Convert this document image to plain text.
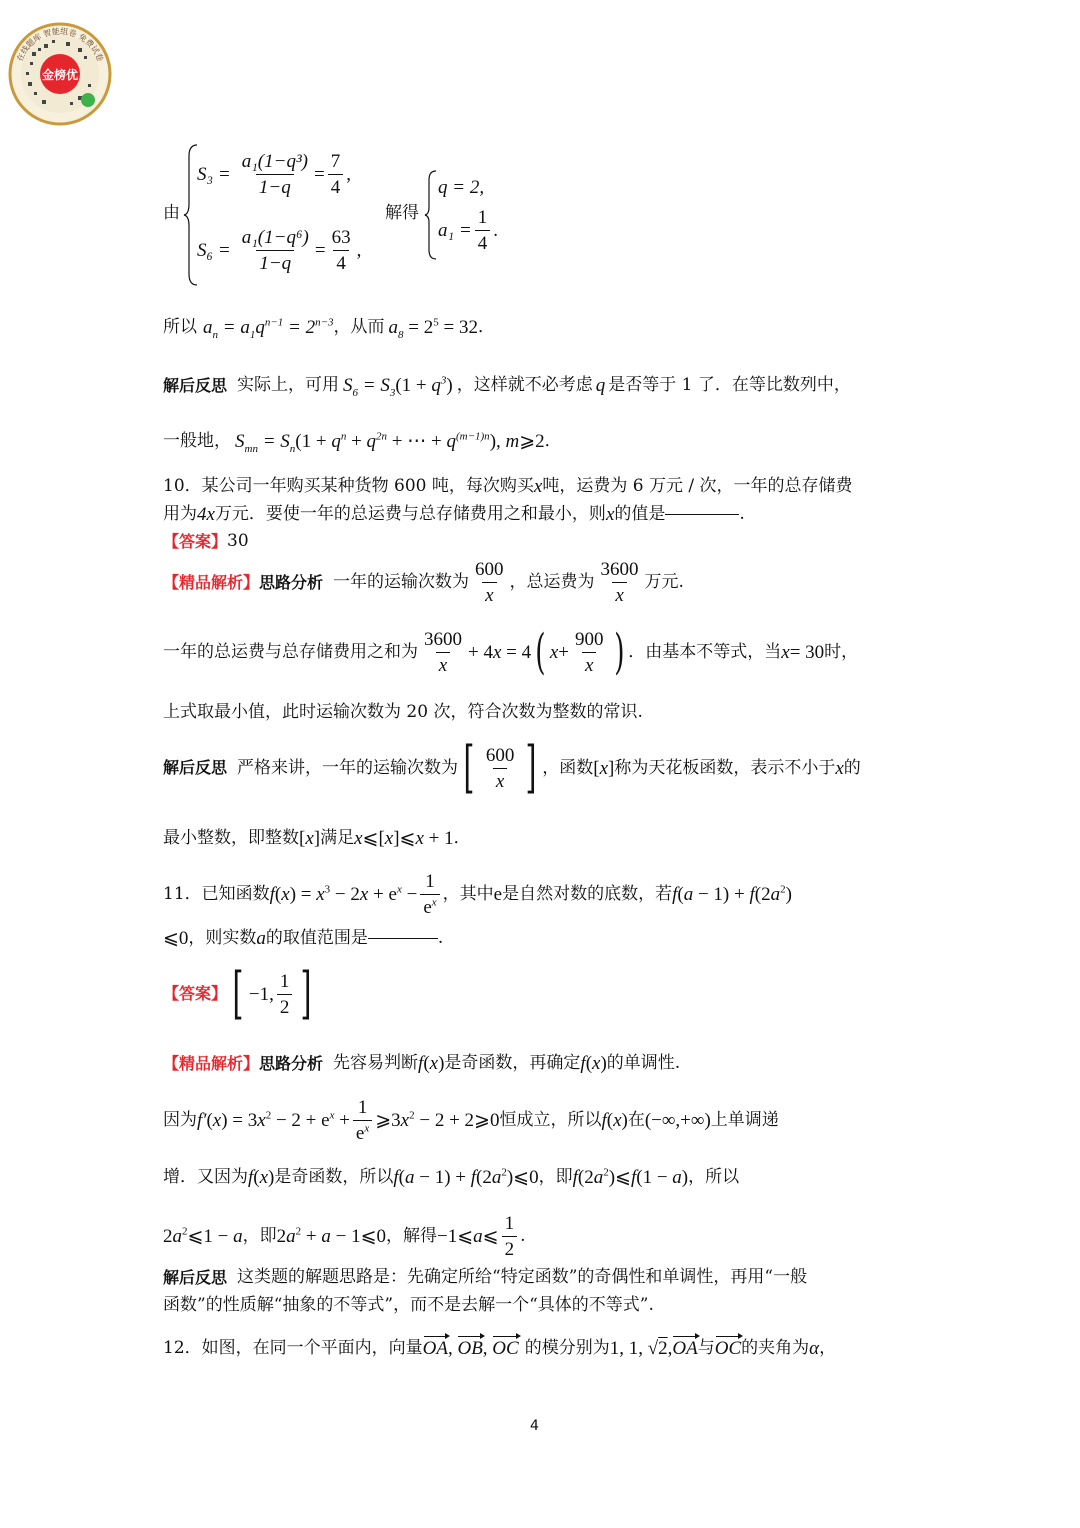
金榜优
在线题库 智能组卷 免费试卷
由
$S_3 = \frac{\text{a₁(1−q³)}}{1-q} = \frac{7}{4}$ ,
$S_6 = \frac{\text{a₁(1−q⁶)}}{1-q} = \frac{63}{4}$ ,
解得
q = 2,
$a_1 = \frac{1}{4}$ .
所以 $a_n = a_1q^{n-1} = 2^{n-3}$ ，从而 $a_8 = 2^5 = 32$ ．
解后反思 实际上，可用 $S_6 = S_3(1 + q^3)$ ，这样就不必考虑 q 是否等于 1 了．在等比数列中，
一般地， $S_{mn} = S_n(1 + q^n + q^{2n}$ + ⋯ + $q^{(m-1)n}$), m⩾2 ．
10．某公司一年购买某种货物 600 吨，每次购买 x 吨，运费为 6 万元 / 次，一年的总存储费
用为 4x 万元．要使一年的总运费与总存储费用之和最小，则 x 的值是	.
【答案】 30
【精品解析】 思路分析 一年的运输次数为 $\frac{600}{x}$ ，总运费为 $\frac{3600}{x}$ 万元.
一年的总运费与总存储费用之和为 $\frac{3600}{x} + 4x = 4$ ( $x + \frac{900}{x}$ ) ．由基本不等式，当 x = 30 时，
上式取最小值，此时运输次数为 20 次，符合次数为整数的常识.
解后反思 严格来讲，一年的运输次数为 [ $\frac{600}{x}$ ] ，函数 [x] 称为天花板函数，表示不小于 x 的
最小整数，即整数 [x] 满足 x⩽[x]⩽x + 1 ．
11．已知函数 $f(x) = x^3 - 2x + e^x - \frac{1}{e^x}$ ，其中 e 是自然对数的底数，若 $f(a - 1) + f(2a^2)$
⩽0 ，则实数 a 的取值范围是	.
【答案】 [ −1, $\frac{1}{2}$ ]
【精品解析】 思路分析 先容易判断 f(x) 是奇函数，再确定 f(x) 的单调性.
因为 $f'(x) = 3x^2 - 2 + e^x + \frac{1}{e^x}$ $⩾3x^2 - 2$ + 2⩾0 恒成立，所以 f(x) 在 (−∞,+∞) 上单调递
增．又因为 f(x) 是奇函数，所以 $f(a - 1) + f(2a^2)⩽0$ ，即 $f(2a^2)⩽f(1 - a)$ ，所以
$2a^2⩽1 - a$ ，即 $2a^2 + a$ − 1⩽0 ，解得 −1⩽a⩽ $\frac{1}{2}$ .
解后反思 这类题的解题思路是：先确定所给“特定函数”的奇偶性和单调性，再用“一般
函数”的性质解“抽象的不等式”，而不是去解一个“具体的不等式”.
12．如图，在同一个平面内，向量 OA, OB, OC 的模分别为 1, 1, √2, OA 与 OC 的夹角为 α ，
4
